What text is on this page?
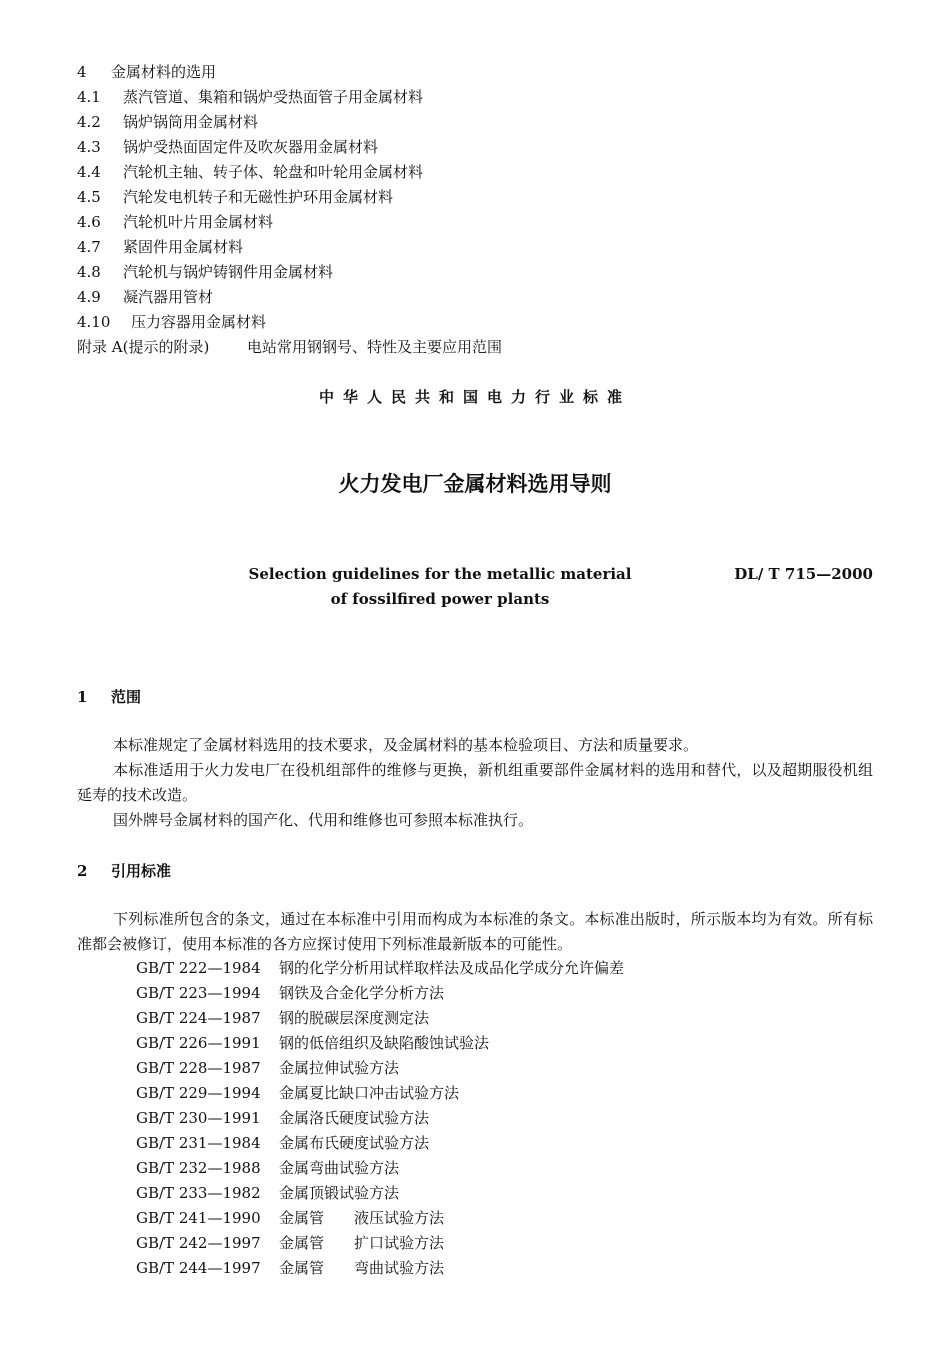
4 金属材料的选用
4.1 蒸汽管道、集箱和锅炉受热面管子用金属材料
4.2 锅炉锅筒用金属材料
4.3 锅炉受热面固定件及吹灰器用金属材料
4.4 汽轮机主轴、转子体、轮盘和叶轮用金属材料
4.5 汽轮发电机转子和无磁性护环用金属材料
4.6 汽轮机叶片用金属材料
4.7 紧固件用金属材料
4.8 汽轮机与锅炉铸钢件用金属材料
4.9 凝汽器用管材
4.10 压力容器用金属材料
附录 A(提示的附录)	电站常用钢钢号、特性及主要应用范围
中华人民共和国电力行业标准
火力发电厂金属材料选用导则
Selection guidelines for the metallic material
of fossilfired power plants
DL/ T 715—2000
1 范围
本标准规定了金属材料选用的技术要求，及金属材料的基本检验项目、方法和质量要求。
本标准适用于火力发电厂在役机组部件的维修与更换，新机组重要部件金属材料的选用和替代，以及超期服役机组延寿的技术改造。
国外牌号金属材料的国产化、代用和维修也可参照本标准执行。
2 引用标准
下列标准所包含的条文，通过在本标准中引用而构成为本标准的条文。本标准出版时，所示版本均为有效。所有标准都会被修订，使用本标准的各方应探讨使用下列标准最新版本的可能性。
GB/T 222—1984 钢的化学分析用试样取样法及成品化学成分允许偏差
GB/T 223—1994 钢铁及合金化学分析方法
GB/T 224—1987 钢的脱碳层深度测定法
GB/T 226—1991 钢的低倍组织及缺陷酸蚀试验法
GB/T 228—1987 金属拉伸试验方法
GB/T 229—1994 金属夏比缺口冲击试验方法
GB/T 230—1991 金属洛氏硬度试验方法
GB/T 231—1984 金属布氏硬度试验方法
GB/T 232—1988 金属弯曲试验方法
GB/T 233—1982 金属顶锻试验方法
GB/T 241—1990 金属管 液压试验方法
GB/T 242—1997 金属管 扩口试验方法
GB/T 244—1997 金属管 弯曲试验方法
